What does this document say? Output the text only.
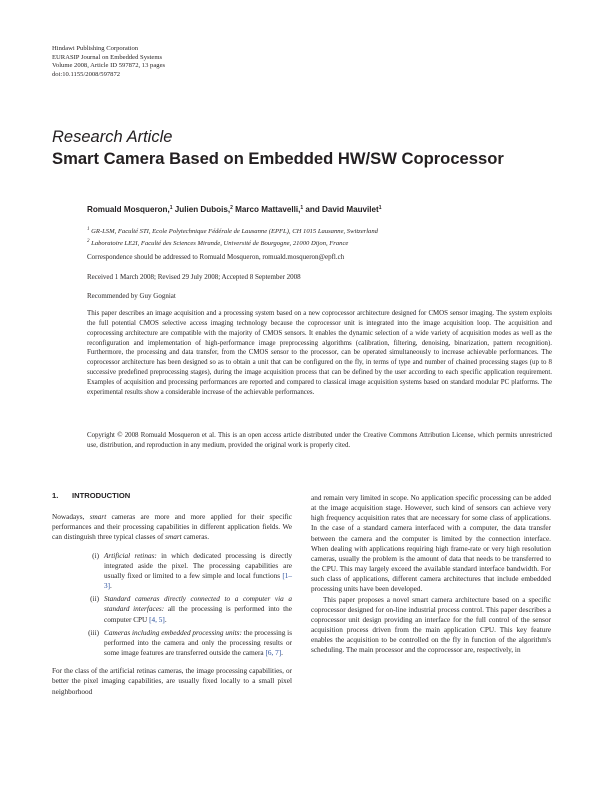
Hindawi Publishing Corporation
EURASIP Journal on Embedded Systems
Volume 2008, Article ID 597872, 13 pages
doi:10.1155/2008/597872
Research Article
Smart Camera Based on Embedded HW/SW Coprocessor
Romuald Mosqueron,$^1$ Julien Dubois,$^2$ Marco Mattavelli,$^1$ and David Mauvilet$^1$
$^1$ GR-LSM, Faculté STI, Ecole Polytechnique Fédérale de Lausanne (EPFL), CH 1015 Lausanne, Switzerland
$^2$ Laboratoire LE2I, Faculté des Sciences Mirande, Université de Bourgogne, 21000 Dijon, France
Correspondence should be addressed to Romuald Mosqueron, romuald.mosqueron@epfl.ch
Received 1 March 2008; Revised 29 July 2008; Accepted 8 September 2008
Recommended by Guy Gogniat
This paper describes an image acquisition and a processing system based on a new coprocessor architecture designed for CMOS sensor imaging. The system exploits the full potential CMOS selective access imaging technology because the coprocessor unit is integrated into the image acquisition loop. The acquisition and coprocessing architecture are compatible with the majority of CMOS sensors. It enables the dynamic selection of a wide variety of acquisition modes as well as the reconfiguration and implementation of high-performance image preprocessing algorithms (calibration, filtering, denoising, binarization, pattern recognition). Furthermore, the processing and data transfer, from the CMOS sensor to the processor, can be operated simultaneously to increase achievable performances. The coprocessor architecture has been designed so as to obtain a unit that can be configured on the fly, in terms of type and number of chained processing stages (up to 8 successive predefined preprocessing stages), during the image acquisition process that can be defined by the user according to each specific application requirement. Examples of acquisition and processing performances are reported and compared to classical image acquisition systems based on standard modular PC platforms. The experimental results show a considerable increase of the achievable performances.
Copyright © 2008 Romuald Mosqueron et al. This is an open access article distributed under the Creative Commons Attribution License, which permits unrestricted use, distribution, and reproduction in any medium, provided the original work is properly cited.
1. INTRODUCTION

Nowadays, smart cameras are more and more applied for their specific performances and their processing capabilities in different application fields. We can distinguish three typical classes of smart cameras.

(i) Artificial retinas: in which dedicated processing is directly integrated aside the pixel. The processing capabilities are usually fixed or limited to a few simple and local functions [1–3].
(ii) Standard cameras directly connected to a computer via a standard interfaces: all the processing is performed into the computer CPU [4, 5].
(iii) Cameras including embedded processing units: the processing is performed into the camera and only the processing results or some image features are transferred outside the camera [6, 7].

For the class of the artificial retinas cameras, the image processing capabilities, or better the pixel imaging capabilities, are usually fixed locally to a small pixel neighborhood

and remain very limited in scope. No application specific processing can be added at the image acquisition stage. However, such kind of sensors can achieve very high frequency acquisition rates that are necessary for some class of applications. In the case of a standard camera interfaced with a computer, the data transfer between the camera and the computer is limited by the connection interface. When dealing with applications requiring high frame-rate or very high resolution cameras, usually the problem is the amount of data that needs to be transferred to the CPU. This may largely exceed the available standard interface bandwidth. For such class of applications, different camera architectures that include embedded processing units have been developed.

This paper proposes a novel smart camera architecture based on a specific coprocessor designed for on-line industrial process control. This paper describes a coprocessor unit design providing an interface for the full control of the sensor acquisition process driven from the main application CPU. This key feature enables the acquisition to be controlled on the fly in function of the algorithm's scheduling. The main processor and the coprocessor are, respectively, in
